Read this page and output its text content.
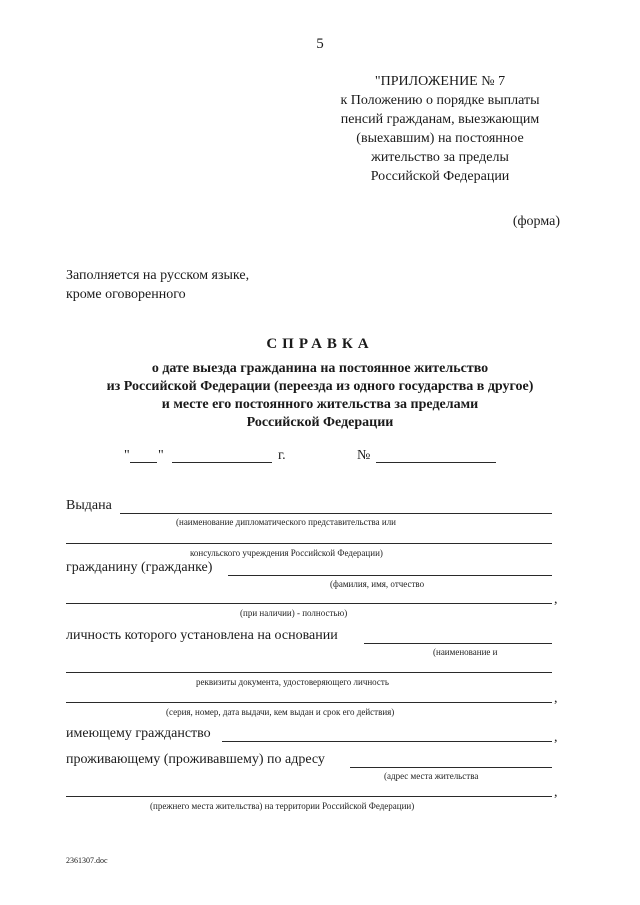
5
"ПРИЛОЖЕНИЕ № 7
к Положению о порядке выплаты
пенсий гражданам, выезжающим
(выехавшим) на постоянное
жительство за пределы
Российской Федерации
(форма)
Заполняется на русском языке,
кроме оговоренного
СПРАВКА
о дате выезда гражданина на постоянное жительство
из Российской Федерации (переезда из одного государства в другое)
и месте его постоянного жительства за пределами
Российской Федерации
" "	г.	№
Выдана
(наименование дипломатического представительства или
консульского учреждения Российской Федерации)
гражданину (гражданке)
(фамилия, имя, отчество
,
(при наличии) - полностью)
личность которого установлена на основании
(наименование и
реквизиты документа, удостоверяющего личность
,
(серия, номер, дата выдачи, кем выдан и срок его действия)
имеющему гражданство	,
проживающему (проживавшему) по адресу
(адрес места жительства
,
(прежнего места жительства) на территории Российской Федерации)
2361307.doc
